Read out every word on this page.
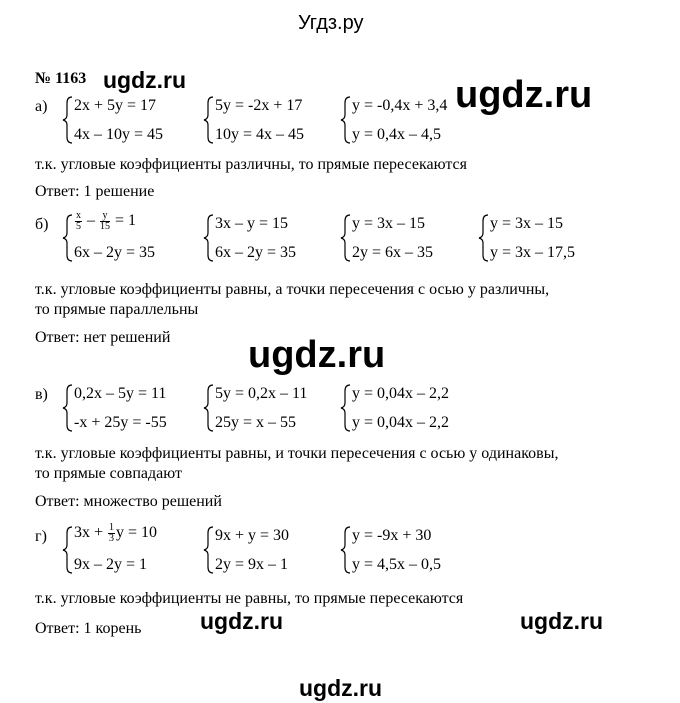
Угдз.ру
ugdz.ru	ugdz.ru
ugdz.ru
ugdz.ru	ugdz.ru
ugdz.ru
№ 1163
а) 2x + 5y = 17
4x – 10y = 45
5y = -2x + 17
10y = 4x – 45
y = -0,4x + 3,4
y = 0,4x – 4,5
т.к. угловые коэффициенты различны, то прямые пересекаются
Ответ: 1 решение
б)	$\frac{x}{5} - \frac{y}{15} = 1$
6x – 2y = 35
3x – y = 15
6x – 2y = 35
y = 3x – 15
2y = 6x – 35
y = 3x – 15
y = 3x – 17,5
т.к. угловые коэффициенты равны, а точки пересечения с осью у различны,
то прямые параллельны
Ответ: нет решений
в) 0,2x – 5y = 11
-x + 25y = -55
5y = 0,2x – 11
25y = x – 55
y = 0,04x – 2,2
y = 0,04x – 2,2
т.к. угловые коэффициенты равны, и точки пересечения с осью у одинаковы,
то прямые совпадают
Ответ: множество решений
г) $3x + \frac{1}{3}$ y = 10
9x – 2y = 1
9x + y = 30
2y = 9x – 1
y = -9x + 30
y = 4,5x – 0,5
т.к. угловые коэффициенты не равны, то прямые пересекаются
Ответ: 1 корень
